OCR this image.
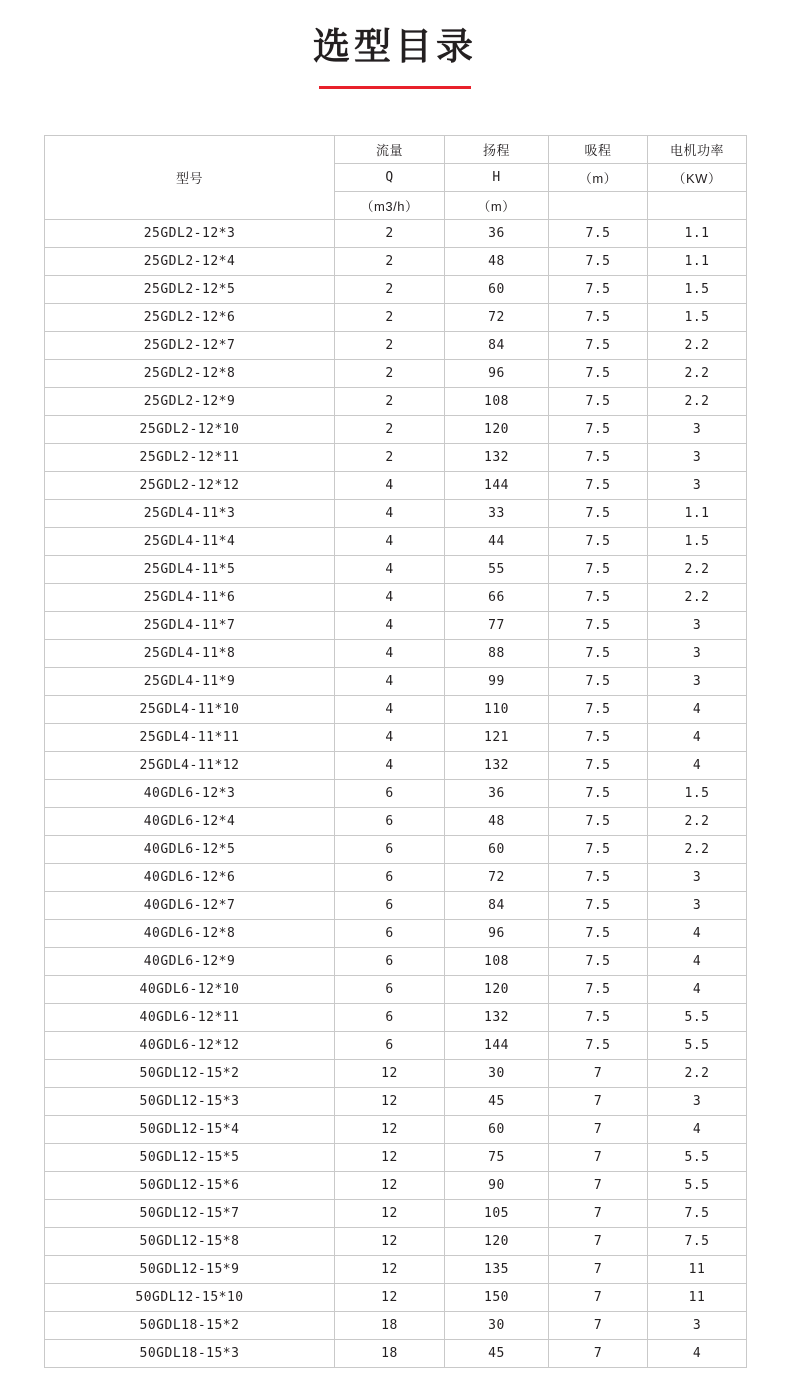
选型目录
型号	流量	扬程	吸程	电机功率
	Q	H	（m）	（KW）
	（m3/h）	（m）		
25GDL2-12*3	2	36	7.5	1.1
25GDL2-12*4	2	48	7.5	1.1
25GDL2-12*5	2	60	7.5	1.5
25GDL2-12*6	2	72	7.5	1.5
25GDL2-12*7	2	84	7.5	2.2
25GDL2-12*8	2	96	7.5	2.2
25GDL2-12*9	2	108	7.5	2.2
25GDL2-12*10	2	120	7.5	3
25GDL2-12*11	2	132	7.5	3
25GDL2-12*12	4	144	7.5	3
25GDL4-11*3	4	33	7.5	1.1
25GDL4-11*4	4	44	7.5	1.5
25GDL4-11*5	4	55	7.5	2.2
25GDL4-11*6	4	66	7.5	2.2
25GDL4-11*7	4	77	7.5	3
25GDL4-11*8	4	88	7.5	3
25GDL4-11*9	4	99	7.5	3
25GDL4-11*10	4	110	7.5	4
25GDL4-11*11	4	121	7.5	4
25GDL4-11*12	4	132	7.5	4
40GDL6-12*3	6	36	7.5	1.5
40GDL6-12*4	6	48	7.5	2.2
40GDL6-12*5	6	60	7.5	2.2
40GDL6-12*6	6	72	7.5	3
40GDL6-12*7	6	84	7.5	3
40GDL6-12*8	6	96	7.5	4
40GDL6-12*9	6	108	7.5	4
40GDL6-12*10	6	120	7.5	4
40GDL6-12*11	6	132	7.5	5.5
40GDL6-12*12	6	144	7.5	5.5
50GDL12-15*2	12	30	7	2.2
50GDL12-15*3	12	45	7	3
50GDL12-15*4	12	60	7	4
50GDL12-15*5	12	75	7	5.5
50GDL12-15*6	12	90	7	5.5
50GDL12-15*7	12	105	7	7.5
50GDL12-15*8	12	120	7	7.5
50GDL12-15*9	12	135	7	11
50GDL12-15*10	12	150	7	11
50GDL18-15*2	18	30	7	3
50GDL18-15*3	18	45	7	4
